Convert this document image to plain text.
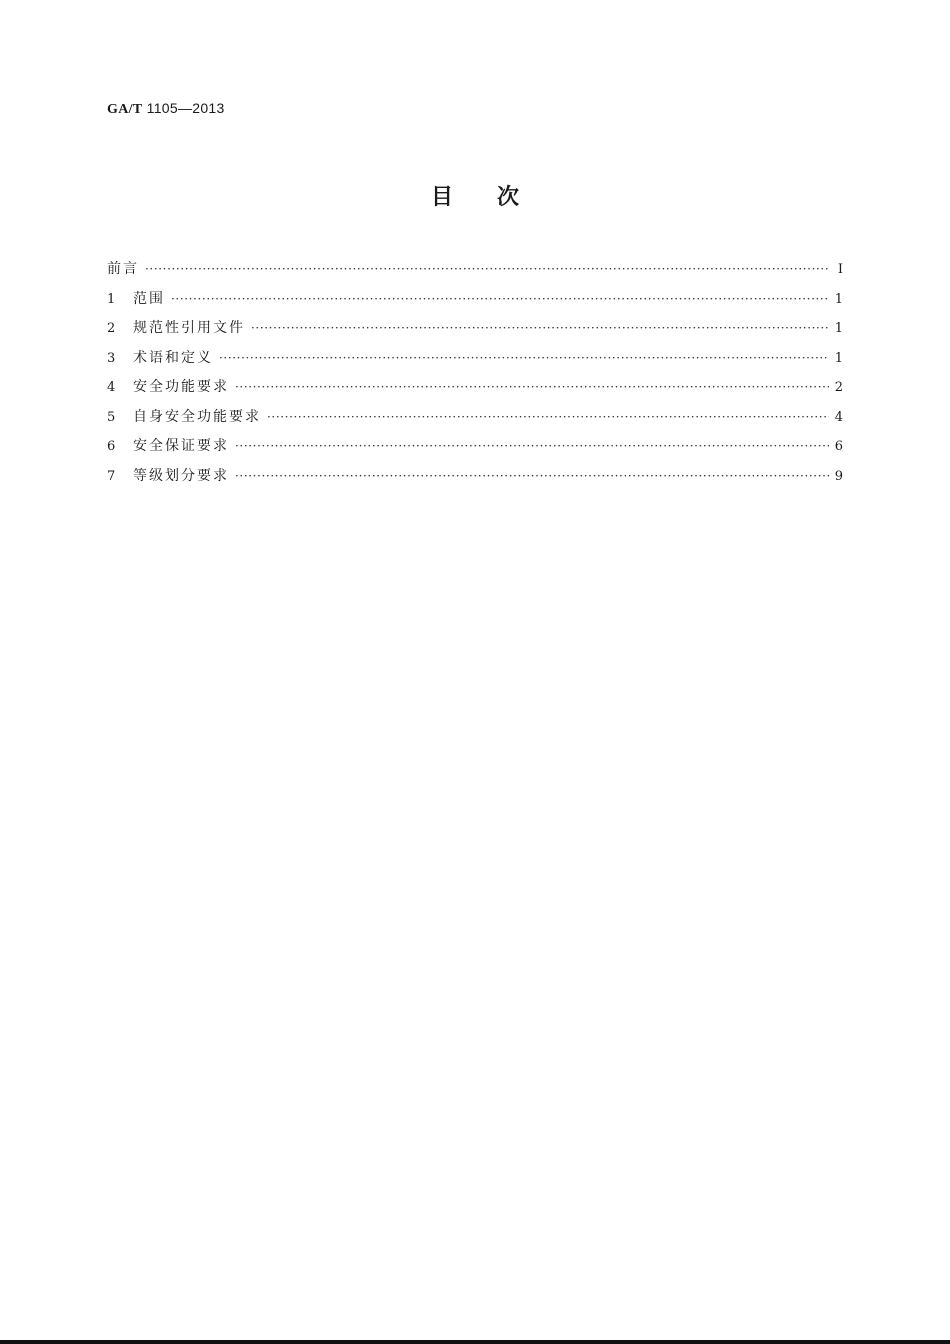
GA/T 1105—2013
目次
前言 ·····	Ⅰ
1	范围 ·····	1
2	规范性引用文件 ·····	1
3	术语和定义 ·····	1
4	安全功能要求 ·····	2
5	自身安全功能要求 ·····	4
6	安全保证要求 ·····	6
7	等级划分要求 ·····	9
